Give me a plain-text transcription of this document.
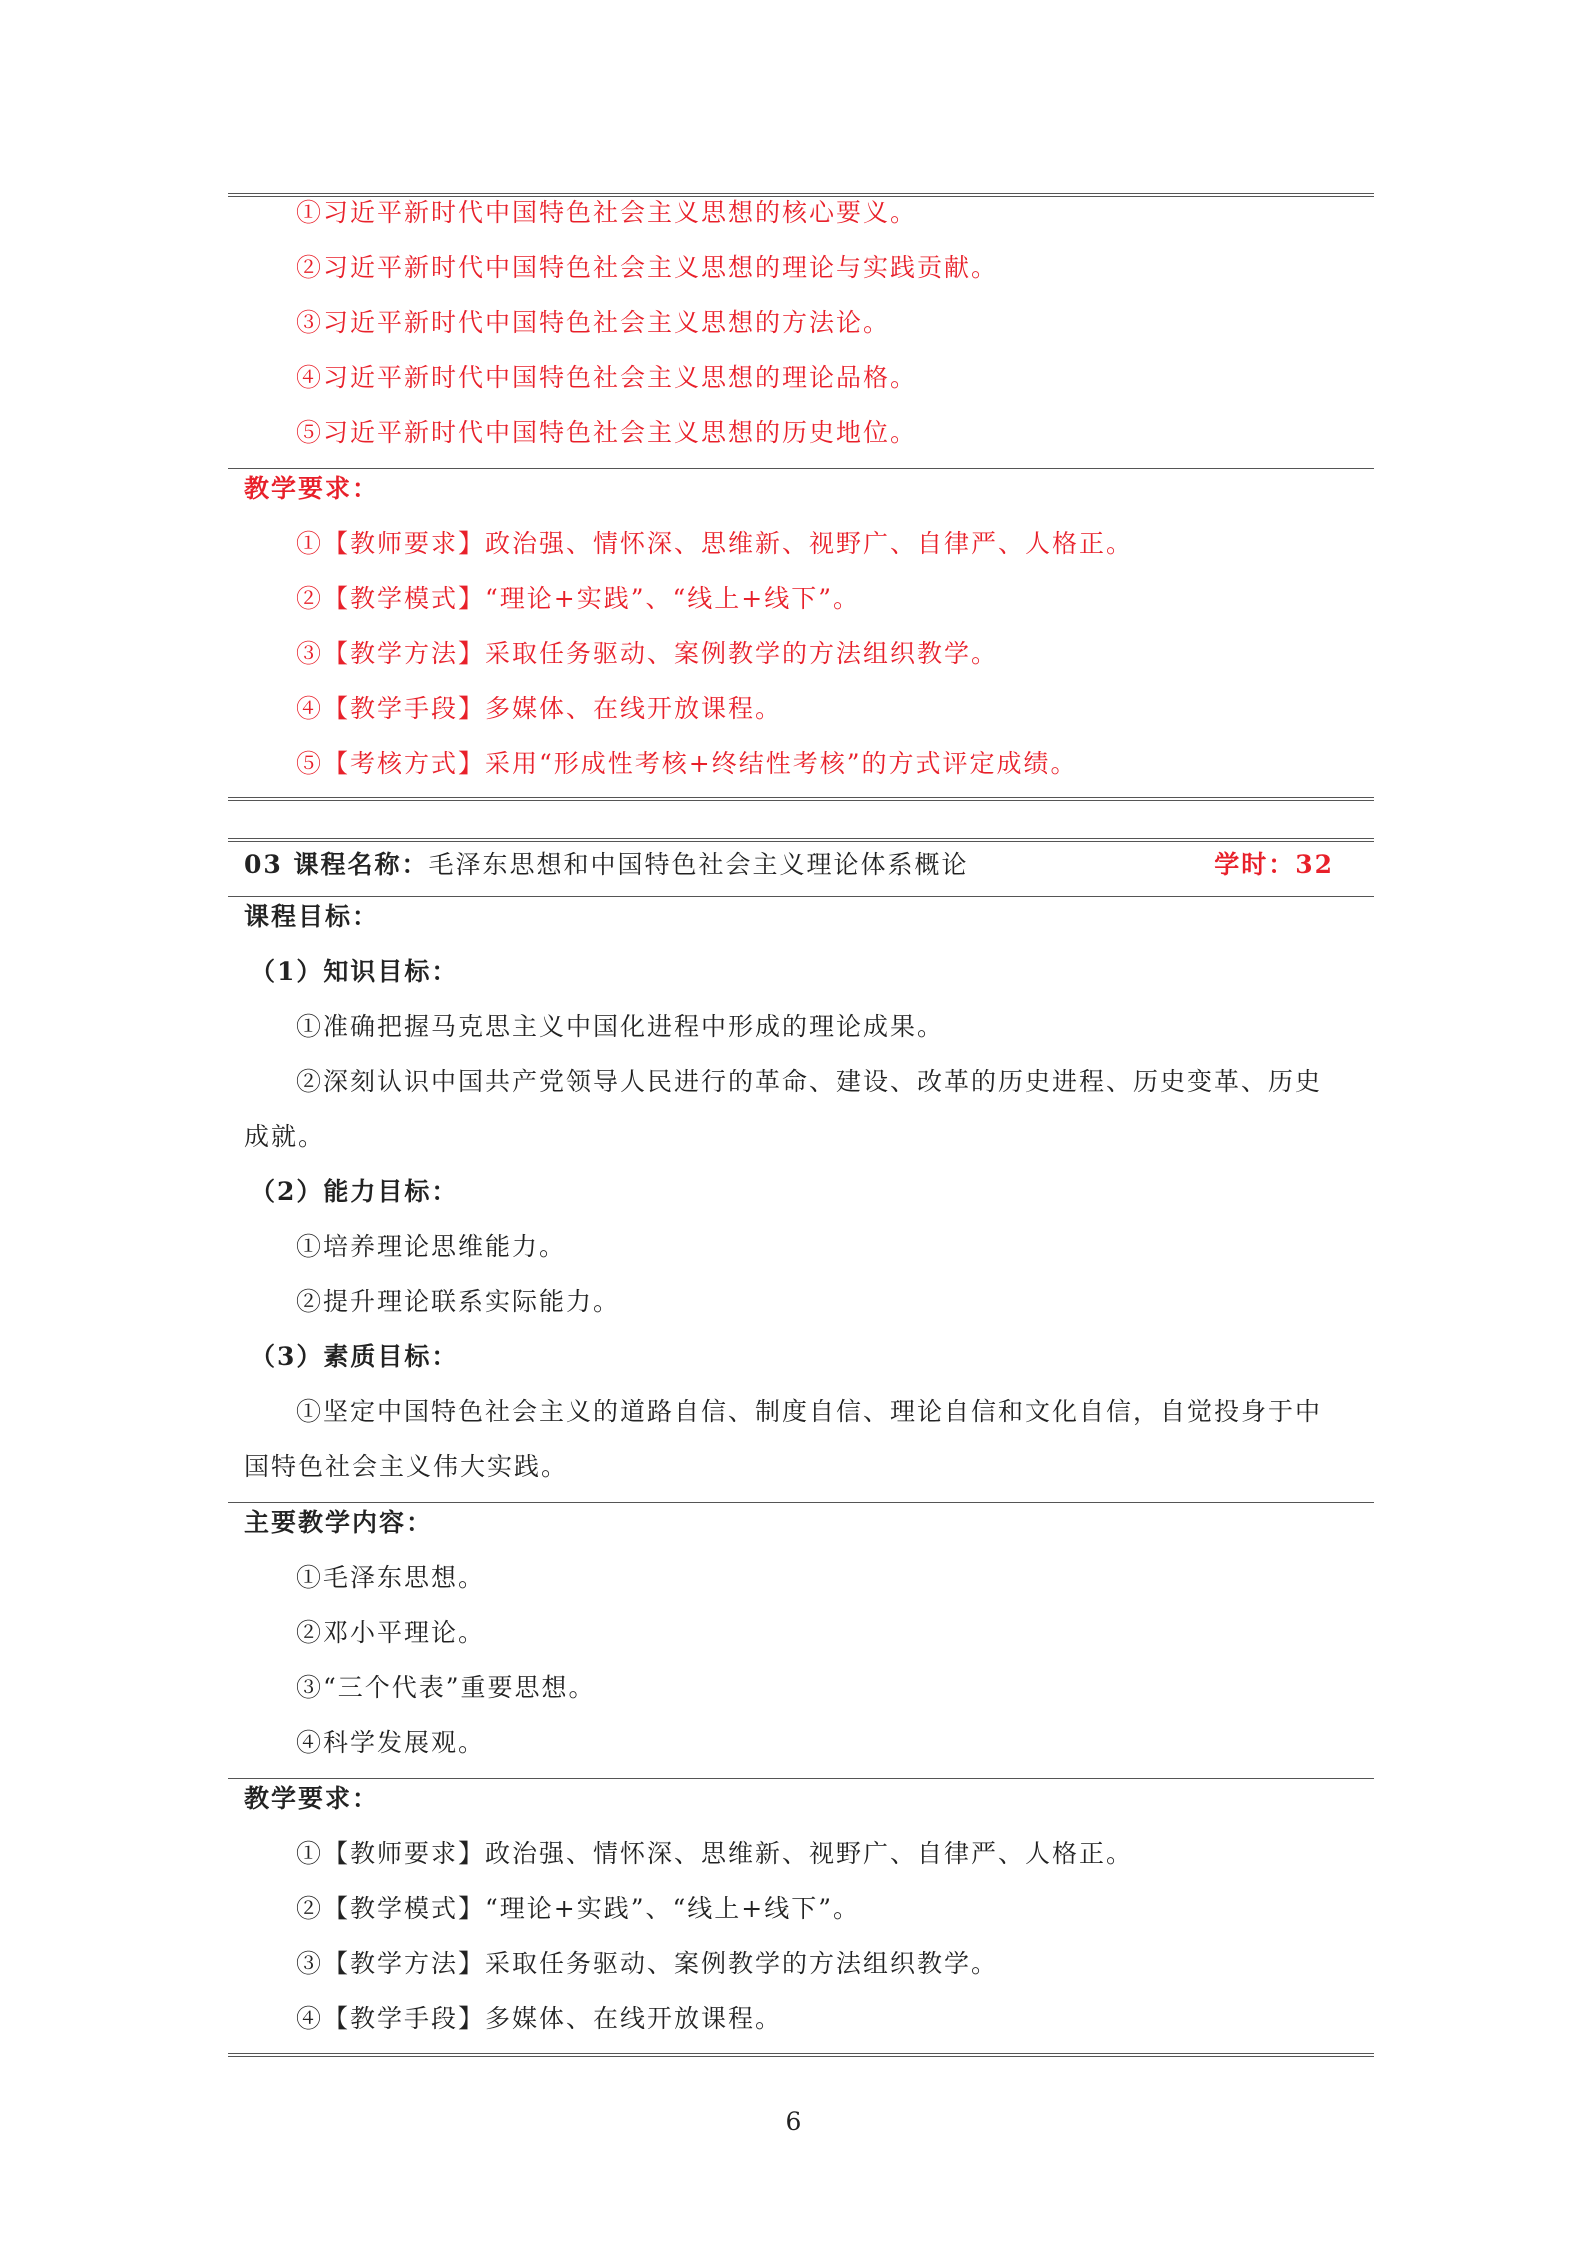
①习近平新时代中国特色社会主义思想的核心要义。
②习近平新时代中国特色社会主义思想的理论与实践贡献。
③习近平新时代中国特色社会主义思想的方法论。
④习近平新时代中国特色社会主义思想的理论品格。
⑤习近平新时代中国特色社会主义思想的历史地位。
教学要求：
①【教师要求】政治强、情怀深、思维新、视野广、自律严、人格正。
②【教学模式】“理论+实践”、“线上+线下”。
③【教学方法】采取任务驱动、案例教学的方法组织教学。
④【教学手段】多媒体、在线开放课程。
⑤【考核方式】采用“形成性考核+终结性考核”的方式评定成绩。
03 课程名称：毛泽东思想和中国特色社会主义理论体系概论	学时：32
课程目标：
（1）知识目标：
①准确把握马克思主义中国化进程中形成的理论成果。
②深刻认识中国共产党领导人民进行的革命、建设、改革的历史进程、历史变革、历史
成就。
（2）能力目标：
①培养理论思维能力。
②提升理论联系实际能力。
（3）素质目标：
①坚定中国特色社会主义的道路自信、制度自信、理论自信和文化自信，自觉投身于中
国特色社会主义伟大实践。
主要教学内容：
①毛泽东思想。
②邓小平理论。
③“三个代表”重要思想。
④科学发展观。
教学要求：
①【教师要求】政治强、情怀深、思维新、视野广、自律严、人格正。
②【教学模式】“理论+实践”、“线上+线下”。
③【教学方法】采取任务驱动、案例教学的方法组织教学。
④【教学手段】多媒体、在线开放课程。
6
